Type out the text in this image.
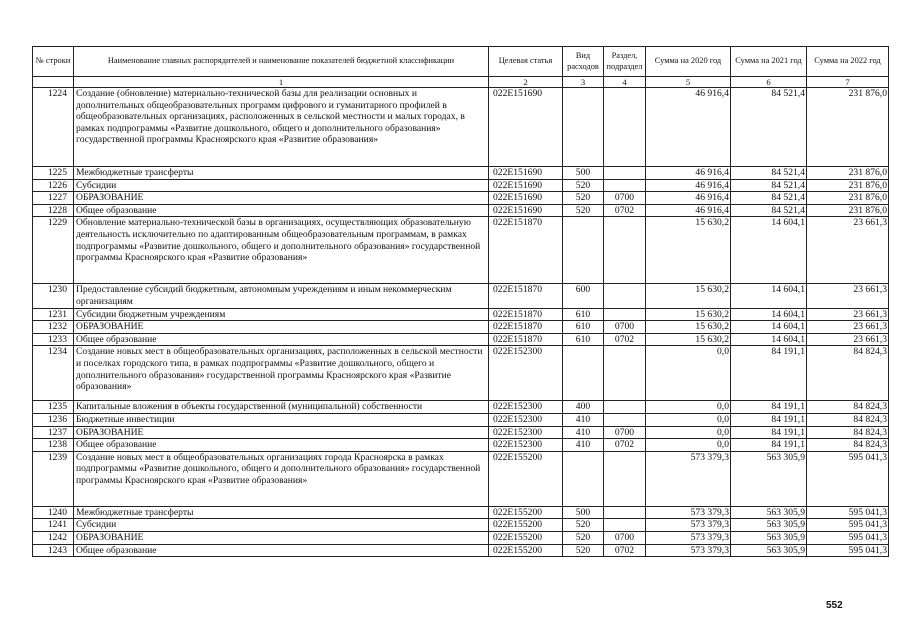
№ строки	Наименование главных распорядителей и наименование показателей бюджетной классификации	Целевая статья	Вид расходов	Раздел, подраздел	Сумма на 2020 год	Сумма на 2021 год	Сумма на 2022 год
	1	2	3	4	5	6	7
1224	Создание (обновление) материально-технической базы для реализации основных и дополнительных общеобразовательных программ цифрового и гуманитарного профилей в общеобразовательных организациях, расположенных в сельской местности и малых городах, в рамках подпрограммы «Развитие дошкольного, общего и дополнительного образования» государственной программы Красноярского края «Развитие образования»	022E151690			46 916,4	84 521,4	231 876,0
1225	Межбюджетные трансферты	022E151690	500		46 916,4	84 521,4	231 876,0
1226	Субсидии	022E151690	520		46 916,4	84 521,4	231 876,0
1227	ОБРАЗОВАНИЕ	022E151690	520	0700	46 916,4	84 521,4	231 876,0
1228	Общее образование	022E151690	520	0702	46 916,4	84 521,4	231 876,0
1229	Обновление материально-технической базы в организациях, осуществляющих образовательную деятельность исключительно по адаптированным общеобразовательным программам, в рамках подпрограммы «Развитие дошкольного, общего и дополнительного образования» государственной программы Красноярского края «Развитие образования»	022E151870			15 630,2	14 604,1	23 661,3
1230	Предоставление субсидий бюджетным, автономным учреждениям и иным некоммерческим организациям	022E151870	600		15 630,2	14 604,1	23 661,3
1231	Субсидии бюджетным учреждениям	022E151870	610		15 630,2	14 604,1	23 661,3
1232	ОБРАЗОВАНИЕ	022E151870	610	0700	15 630,2	14 604,1	23 661,3
1233	Общее образование	022E151870	610	0702	15 630,2	14 604,1	23 661,3
1234	Создание новых мест в общеобразовательных организациях, расположенных в сельской местности и поселках городского типа, в рамках подпрограммы «Развитие дошкольного, общего и дополнительного образования» государственной программы Красноярского края «Развитие образования»	022E152300			0,0	84 191,1	84 824,3
1235	Капитальные вложения в объекты государственной (муниципальной) собственности	022E152300	400		0,0	84 191,1	84 824,3
1236	Бюджетные инвестиции	022E152300	410		0,0	84 191,1	84 824,3
1237	ОБРАЗОВАНИЕ	022E152300	410	0700	0,0	84 191,1	84 824,3
1238	Общее образование	022E152300	410	0702	0,0	84 191,1	84 824,3
1239	Создание новых мест в общеобразовательных организациях города Красноярска в рамках подпрограммы «Развитие дошкольного, общего и дополнительного образования» государственной программы Красноярского края «Развитие образования»	022E155200			573 379,3	563 305,9	595 041,3
1240	Межбюджетные трансферты	022E155200	500		573 379,3	563 305,9	595 041,3
1241	Субсидии	022E155200	520		573 379,3	563 305,9	595 041,3
1242	ОБРАЗОВАНИЕ	022E155200	520	0700	573 379,3	563 305,9	595 041,3
1243	Общее образование	022E155200	520	0702	573 379,3	563 305,9	595 041,3
552
